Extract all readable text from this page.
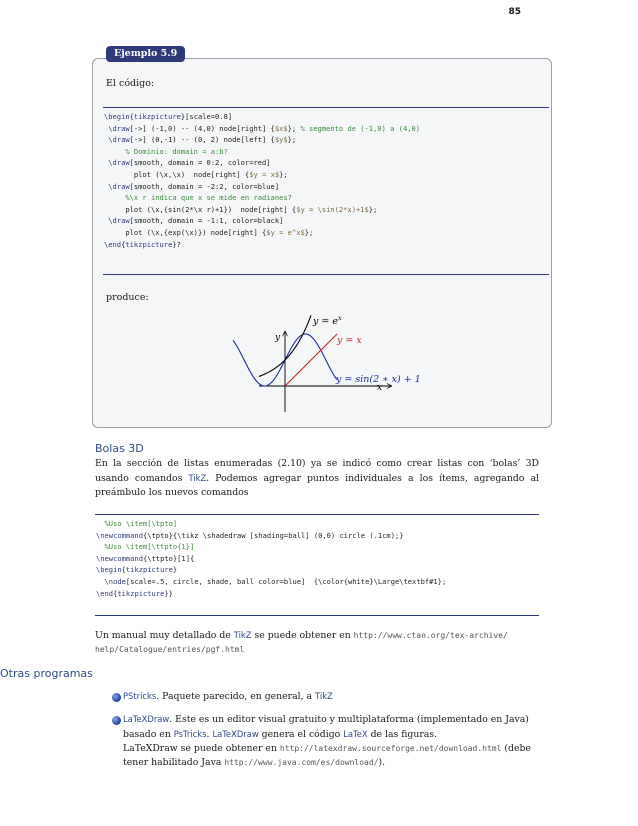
85
Ejemplo 5.9
El código:
\begin{tikzpicture}[scale=0.8]
\draw[->] (-1,0) -- (4,0) node[right] {$x$}; % segmento de (-1,0) a (4,0)
\draw[->] (0,-1) -- (0, 2) node[left] {$y$};
% Dominio: domain = a:b?
\draw[smooth, domain = 0:2, color=red]
plot (\x,\x)  node[right] {$y = x$};
\draw[smooth, domain = -2:2, color=blue]
%\x r indica que x se mide en radianes?
plot (\x,{sin(2*\x r)+1})  node[right] {$y = \sin(2*x)+1$};
\draw[smooth, domain = -1:1, color=black]
plot (\x,{exp(\x)}) node[right] {$y = e^x$};
\end{tikzpicture}?
produce:
y
x
$y = e^x$
y = x
y = sin(2 ∗ x) + 1
Bolas 3D
En la sección de listas enumeradas (2.10) ya se indicó como crear listas con ‘bolas’ 3D usando comandos TikZ. Podemos agregar puntos individuales a los ítems, agregando al preámbulo los nuevos comandos
%Uso \item[\tpto]
\newcommand{\tpto}{\tikz \shadedraw [shading=ball] (0,0) circle (.1cm);}
%Uso \item[\ttpto{1}]
\newcommand{\ttpto}[1]{
\begin{tikzpicture}
\node[scale=.5, circle, shade, ball color=blue]  {\color{white}\Large\textbf#1};
\end{tikzpicture}}
Un manual muy detallado de TikZ se puede obtener en http://www.ctan.org/tex-archive/
help/Catalogue/entries/pgf.html
Otras programas
PStricks. Paquete parecido, en general, a TikZ
LaTeXDraw. Este es un editor visual gratuito y multiplataforma (implementado en Java)
basado en PsTricks. LaTeXDraw genera el código LaTeX de las figuras.
LaTeXDraw se puede obtener en http://latexdraw.sourceforge.net/download.html (debe
tener habilitado Java http://www.java.com/es/download/).
